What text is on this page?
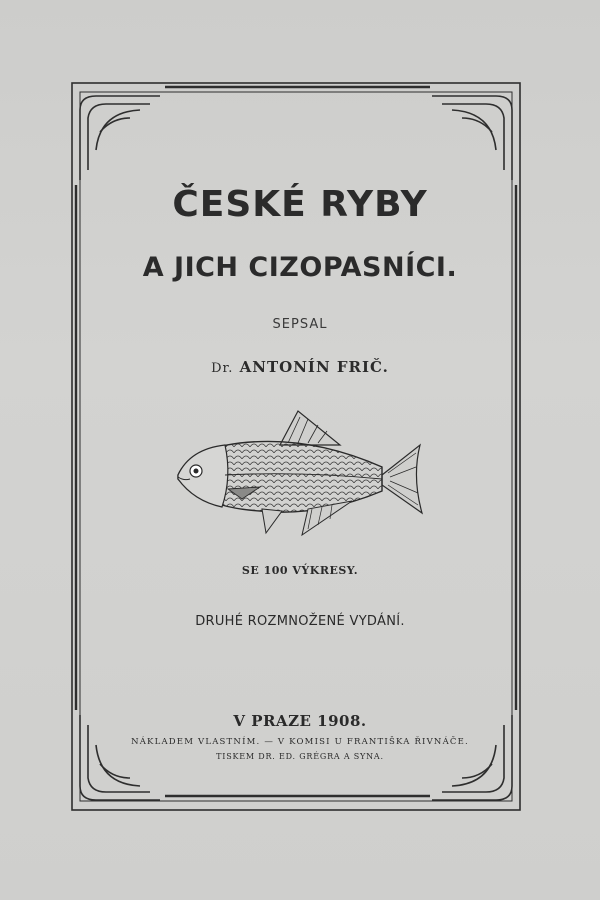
ČESKÉ RYBY
A JICH CIZOPASNÍCI.
SEPSAL
Dr. ANTONÍN FRIČ.
SE 100 VÝKRESY.
DRUHÉ ROZMNOŽENÉ VYDÁNÍ.
V PRAZE 1908.
NÁKLADEM VLASTNÍM. — V KOMISI U FRANTIŠKA ŘIVNÁČE.
TISKEM DR. ED. GRÉGRA A SYNA.
